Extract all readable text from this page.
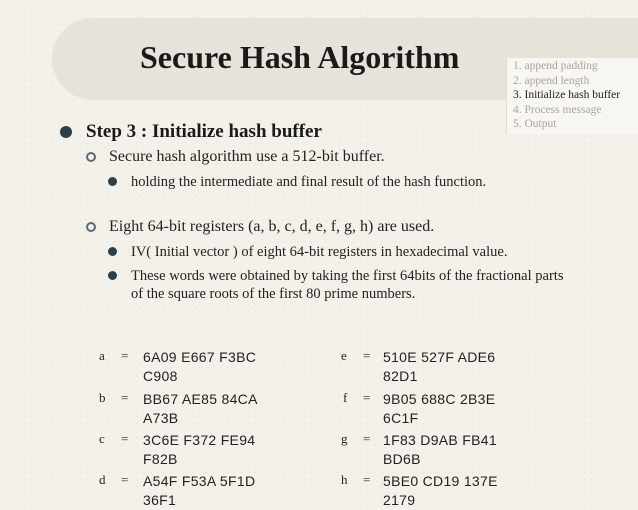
Secure Hash Algorithm	1. append padding
2. append length
3. Initialize hash buffer
4. Process message
5. Output
Step 3 : Initialize hash buffer
Secure hash algorithm use a 512-bit buffer.
holding the intermediate and final result of the hash function.
Eight 64-bit registers (a, b, c, d, e, f, g, h) are used.
IV( Initial vector ) of eight 64-bit registers in hexadecimal value.
These words were obtained by taking the first 64bits of the fractional parts of the square roots of the first 80 prime numbers.
a = 6A09 E667 F3BC C908
b = BB67 AE85 84CA A73B
c = 3C6E F372 FE94 F82B
d = A54F F53A 5F1D 36F1
e = 510E 527F ADE6 82D1
f = 9B05 688C 2B3E 6C1F
g = 1F83 D9AB FB41 BD6B
h = 5BE0 CD19 137E 2179
